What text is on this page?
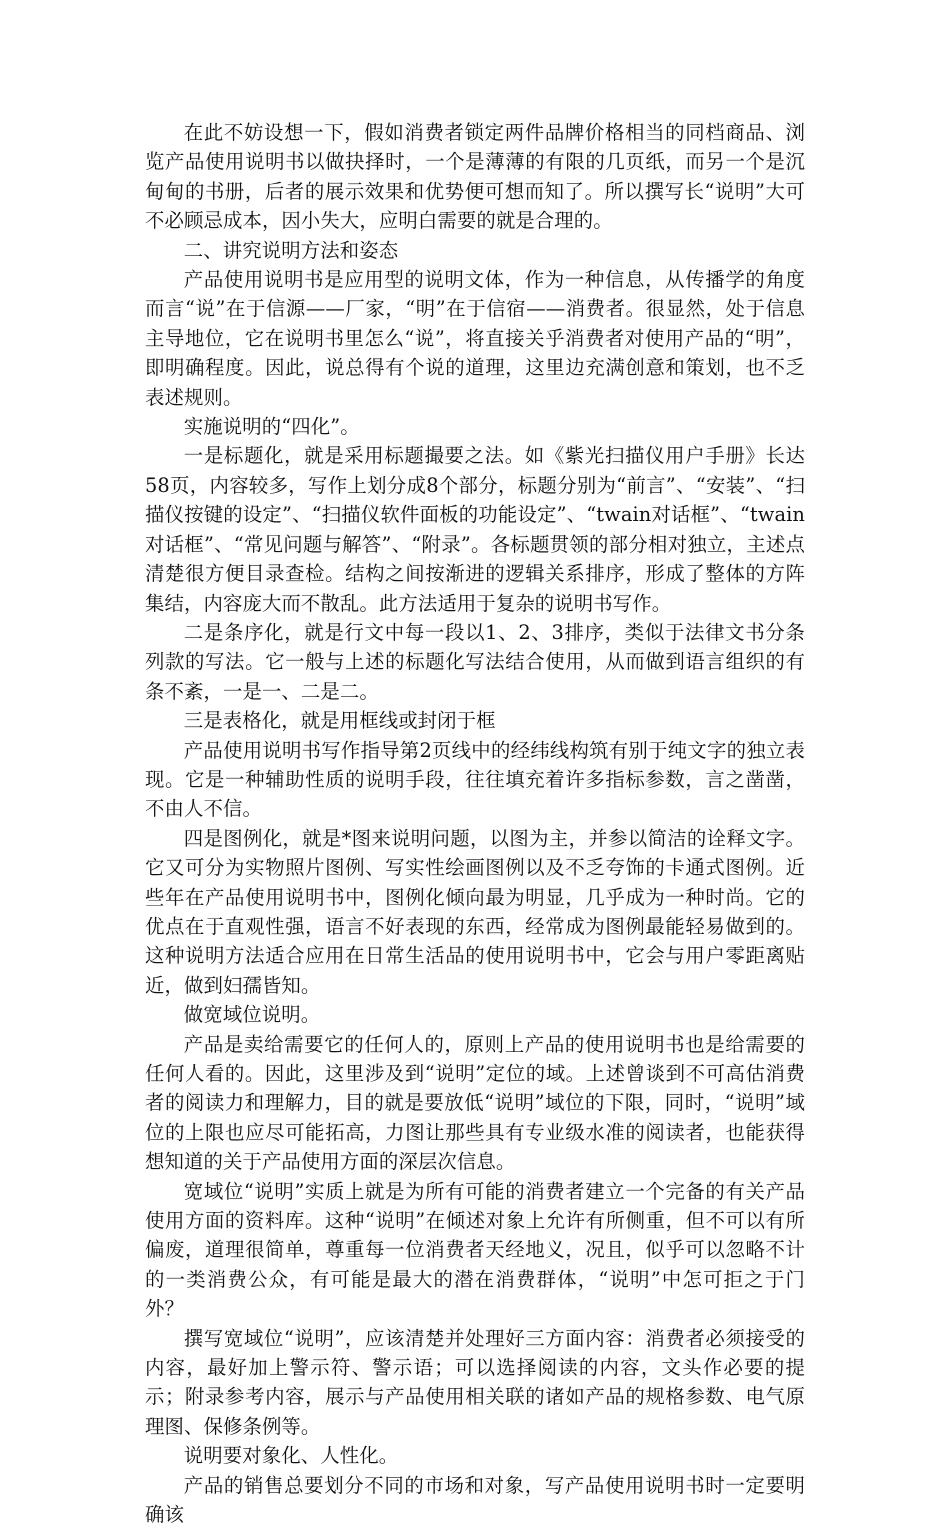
在此不妨设想一下，假如消费者锁定两件品牌价格相当的同档商品、浏览产品使用说明书以做抉择时，一个是薄薄的有限的几页纸，而另一个是沉甸甸的书册，后者的展示效果和优势便可想而知了。所以撰写长“说明”大可不必顾忌成本，因小失大，应明白需要的就是合理的。

二、讲究说明方法和姿态

产品使用说明书是应用型的说明文体，作为一种信息，从传播学的角度而言“说”在于信源——厂家，“明”在于信宿——消费者。很显然，处于信息主导地位，它在说明书里怎么“说”，将直接关乎消费者对使用产品的“明”，即明确程度。因此，说总得有个说的道理，这里边充满创意和策划，也不乏表述规则。

实施说明的“四化”。

一是标题化，就是采用标题撮要之法。如《紫光扫描仪用户手册》长达58页，内容较多，写作上划分成8个部分，标题分别为“前言”、“安装”、“扫描仪按键的设定”、“扫描仪软件面板的功能设定”、“twain对话框”、“twain对话框”、“常见问题与解答”、“附录”。各标题贯领的部分相对独立，主述点清楚很方便目录查检。结构之间按渐进的逻辑关系排序，形成了整体的方阵集结，内容庞大而不散乱。此方法适用于复杂的说明书写作。

二是条序化，就是行文中每一段以1、2、3排序，类似于法律文书分条列款的写法。它一般与上述的标题化写法结合使用，从而做到语言组织的有条不紊，一是一、二是二。

三是表格化，就是用框线或封闭于框

产品使用说明书写作指导第2页线中的经纬线构筑有别于纯文字的独立表现。它是一种辅助性质的说明手段，往往填充着许多指标参数，言之凿凿，不由人不信。

四是图例化，就是*图来说明问题，以图为主，并参以简洁的诠释文字。它又可分为实物照片图例、写实性绘画图例以及不乏夸饰的卡通式图例。近些年在产品使用说明书中，图例化倾向最为明显，几乎成为一种时尚。它的优点在于直观性强，语言不好表现的东西，经常成为图例最能轻易做到的。这种说明方法适合应用在日常生活品的使用说明书中，它会与用户零距离贴近，做到妇孺皆知。

做宽域位说明。

产品是卖给需要它的任何人的，原则上产品的使用说明书也是给需要的任何人看的。因此，这里涉及到“说明”定位的域。上述曾谈到不可高估消费者的阅读力和理解力，目的就是要放低“说明”域位的下限，同时，“说明”域位的上限也应尽可能拓高，力图让那些具有专业级水准的阅读者，也能获得想知道的关于产品使用方面的深层次信息。

宽域位“说明”实质上就是为所有可能的消费者建立一个完备的有关产品使用方面的资料库。这种“说明”在倾述对象上允许有所侧重，但不可以有所偏废，道理很简单，尊重每一位消费者天经地义，况且，似乎可以忽略不计的一类消费公众，有可能是最大的潜在消费群体，“说明”中怎可拒之于门外？

撰写宽域位“说明”，应该清楚并处理好三方面内容：消费者必须接受的内容，最好加上警示符、警示语；可以选择阅读的内容，文头作必要的提示；附录参考内容，展示与产品使用相关联的诸如产品的规格参数、电气原理图、保修条例等。

说明要对象化、人性化。

产品的销售总要划分不同的市场和对象，写产品使用说明书时一定要明确该
